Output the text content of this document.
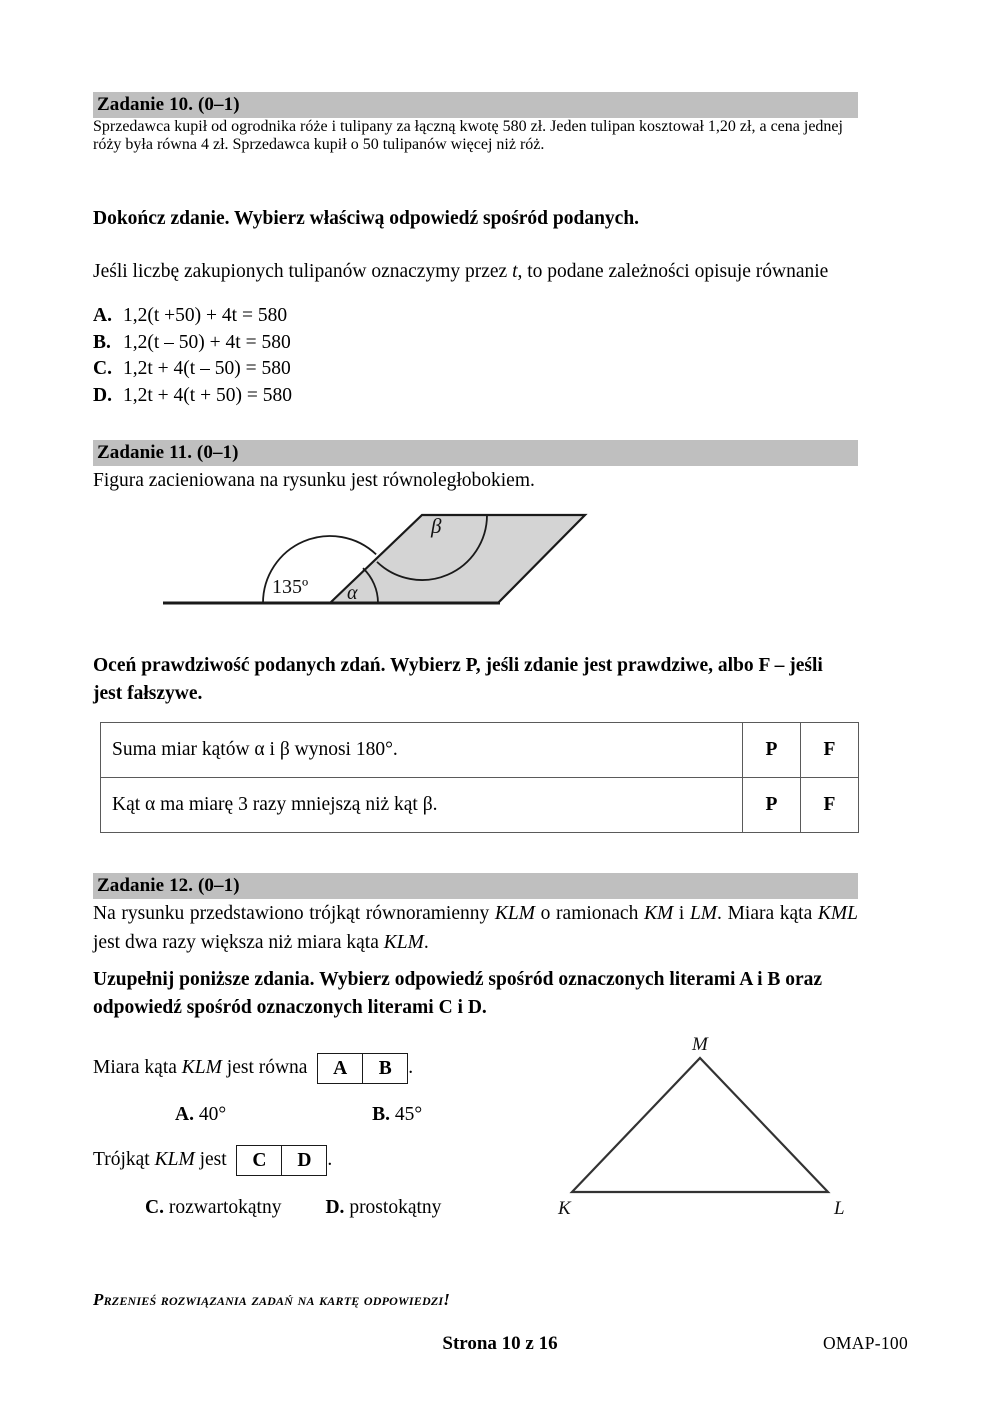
Zadanie 10. (0–1)
Sprzedawca kupił od ogrodnika róże i tulipany za łączną kwotę 580 zł. Jeden tulipan kosztował 1,20 zł, a cena jednej róży była równa 4 zł. Sprzedawca kupił o 50 tulipanów więcej niż róż.
Dokończ zdanie. Wybierz właściwą odpowiedź spośród podanych.
Jeśli liczbę zakupionych tulipanów oznaczymy przez t, to podane zależności opisuje równanie
A. 1,2(t +50) + 4t = 580
B. 1,2(t – 50) + 4t = 580
C. 1,2t + 4(t – 50) = 580
D. 1,2t + 4(t + 50) = 580
Zadanie 11. (0–1)
Figura zacieniowana na rysunku jest równoległobokiem.
135º α
β
Oceń prawdziwość podanych zdań. Wybierz P, jeśli zdanie jest prawdziwe, albo F – jeśli
jest fałszywe.
Suma miar kątów α i β wynosi 180°.	P	F
Kąt α ma miarę 3 razy mniejszą niż kąt β.	P	F
Zadanie 12. (0–1)
Na rysunku przedstawiono trójkąt równoramienny KLM o ramionach KM i LM. Miara kąta KML jest dwa razy większa niż miara kąta KLM.
Uzupełnij poniższe zdania. Wybierz odpowiedź spośród oznaczonych literami A i B oraz
odpowiedź spośród oznaczonych literami C i D.
Miara kąta KLM jest równa A B .
A. 40°	B. 45°
Trójkąt KLM jest C D .
C. rozwartokątny D. prostokątny
M
K	L
Przenieś rozwiązania zadań na kartę odpowiedzi!
Strona 10 z 16	OMAP-100
